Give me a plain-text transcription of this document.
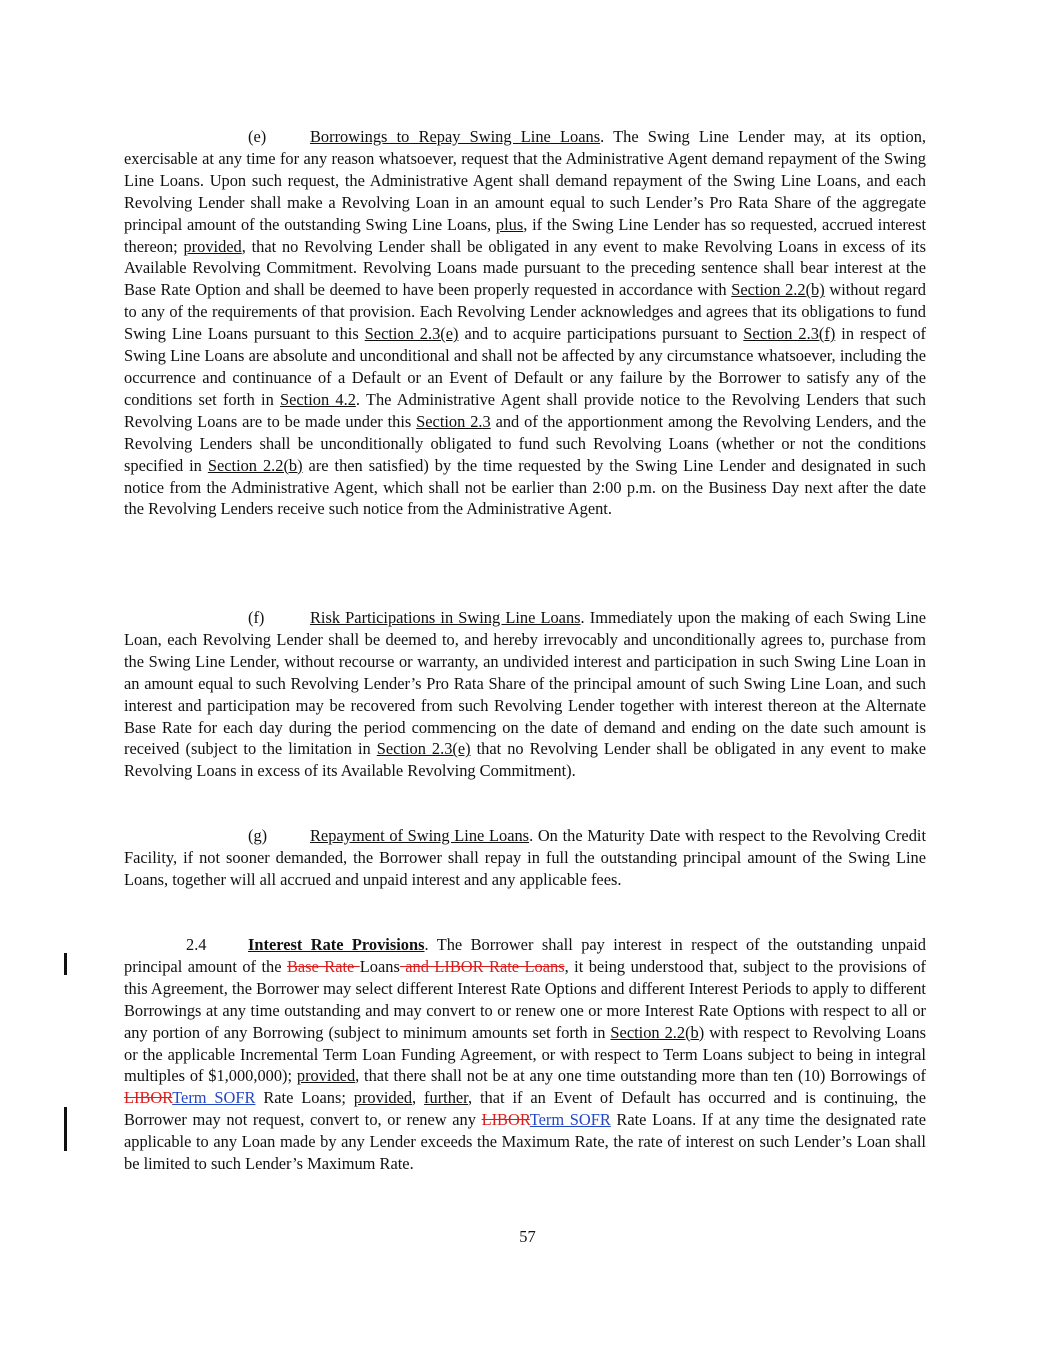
(e)	Borrowings to Repay Swing Line Loans. The Swing Line Lender may, at its option, exercisable at any time for any reason whatsoever, request that the Administrative Agent demand repayment of the Swing Line Loans. Upon such request, the Administrative Agent shall demand repayment of the Swing Line Loans, and each Revolving Lender shall make a Revolving Loan in an amount equal to such Lender’s Pro Rata Share of the aggregate principal amount of the outstanding Swing Line Loans, plus, if the Swing Line Lender has so requested, accrued interest thereon; provided, that no Revolving Lender shall be obligated in any event to make Revolving Loans in excess of its Available Revolving Commitment. Revolving Loans made pursuant to the preceding sentence shall bear interest at the Base Rate Option and shall be deemed to have been properly requested in accordance with Section 2.2(b) without regard to any of the requirements of that provision. Each Revolving Lender acknowledges and agrees that its obligations to fund Swing Line Loans pursuant to this Section 2.3(e) and to acquire participations pursuant to Section 2.3(f) in respect of Swing Line Loans are absolute and unconditional and shall not be affected by any circumstance whatsoever, including the occurrence and continuance of a Default or an Event of Default or any failure by the Borrower to satisfy any of the conditions set forth in Section 4.2. The Administrative Agent shall provide notice to the Revolving Lenders that such Revolving Loans are to be made under this Section 2.3 and of the apportionment among the Revolving Lenders, and the Revolving Lenders shall be unconditionally obligated to fund such Revolving Loans (whether or not the conditions specified in Section 2.2(b) are then satisfied) by the time requested by the Swing Line Lender and designated in such notice from the Administrative Agent, which shall not be earlier than 2:00 p.m. on the Business Day next after the date the Revolving Lenders receive such notice from the Administrative Agent.

(f)	Risk Participations in Swing Line Loans. Immediately upon the making of each Swing Line Loan, each Revolving Lender shall be deemed to, and hereby irrevocably and unconditionally agrees to, purchase from the Swing Line Lender, without recourse or warranty, an undivided interest and participation in such Swing Line Loan in an amount equal to such Revolving Lender’s Pro Rata Share of the principal amount of such Swing Line Loan, and such interest and participation may be recovered from such Revolving Lender together with interest thereon at the Alternate Base Rate for each day during the period commencing on the date of demand and ending on the date such amount is received (subject to the limitation in Section 2.3(e) that no Revolving Lender shall be obligated in any event to make Revolving Loans in excess of its Available Revolving Commitment).

(g)	Repayment of Swing Line Loans. On the Maturity Date with respect to the Revolving Credit Facility, if not sooner demanded, the Borrower shall repay in full the outstanding principal amount of the Swing Line Loans, together will all accrued and unpaid interest and any applicable fees.

2.4	Interest Rate Provisions. The Borrower shall pay interest in respect of the outstanding unpaid principal amount of the Base Rate Loans and LIBOR Rate Loans, it being understood that, subject to the provisions of this Agreement, the Borrower may select different Interest Rate Options and different Interest Periods to apply to different Borrowings at any time outstanding and may convert to or renew one or more Interest Rate Options with respect to all or any portion of any Borrowing (subject to minimum amounts set forth in Section 2.2(b) with respect to Revolving Loans or the applicable Incremental Term Loan Funding Agreement, or with respect to Term Loans subject to being in integral multiples of $1,000,000); provided, that there shall not be at any one time outstanding more than ten (10) Borrowings of LIBORTerm SOFR Rate Loans; provided, further, that if an Event of Default has occurred and is continuing, the Borrower may not request, convert to, or renew any LIBORTerm SOFR Rate Loans. If at any time the designated rate applicable to any Loan made by any Lender exceeds the Maximum Rate, the rate of interest on such Lender’s Loan shall be limited to such Lender’s Maximum Rate.

57
